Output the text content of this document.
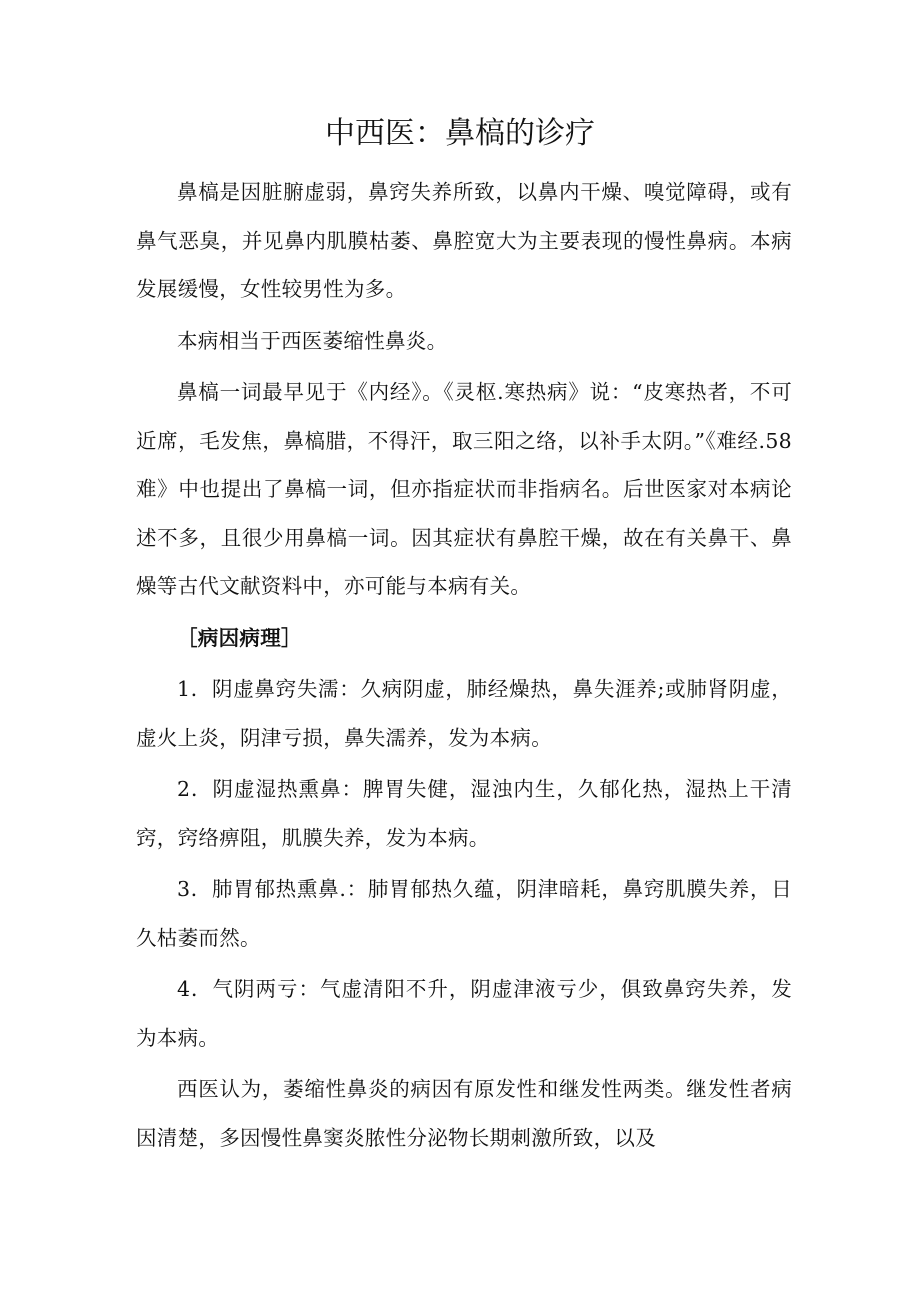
中西医：鼻槁的诊疗

鼻槁是因脏腑虚弱，鼻窍失养所致，以鼻内干燥、嗅觉障碍，或有鼻气恶臭，并见鼻内肌膜枯萎、鼻腔宽大为主要表现的慢性鼻病。本病发展缓慢，女性较男性为多。

本病相当于西医萎缩性鼻炎。

鼻槁一词最早见于《内经》。《灵枢.寒热病》说：“皮寒热者，不可近席，毛发焦，鼻槁腊，不得汗，取三阳之络，以补手太阴。”《难经.58难》中也提出了鼻槁一词，但亦指症状而非指病名。后世医家对本病论述不多，且很少用鼻槁一词。因其症状有鼻腔干燥，故在有关鼻干、鼻燥等古代文献资料中，亦可能与本病有关。

［病因病理］

1．阴虚鼻窍失濡：久病阴虚，肺经燥热，鼻失涯养;或肺肾阴虚，虚火上炎，阴津亏损，鼻失濡养，发为本病。

2．阴虚湿热熏鼻：脾胃失健，湿浊内生，久郁化热，湿热上干清窍，窍络痹阻，肌膜失养，发为本病。

3．肺胃郁热熏鼻.：肺胃郁热久蕴，阴津暗耗，鼻窍肌膜失养，日久枯萎而然。

4．气阴两亏：气虚清阳不升，阴虚津液亏少，俱致鼻窍失养，发为本病。

西医认为，萎缩性鼻炎的病因有原发性和继发性两类。继发性者病因清楚，多因慢性鼻窦炎脓性分泌物长期刺激所致，以及
